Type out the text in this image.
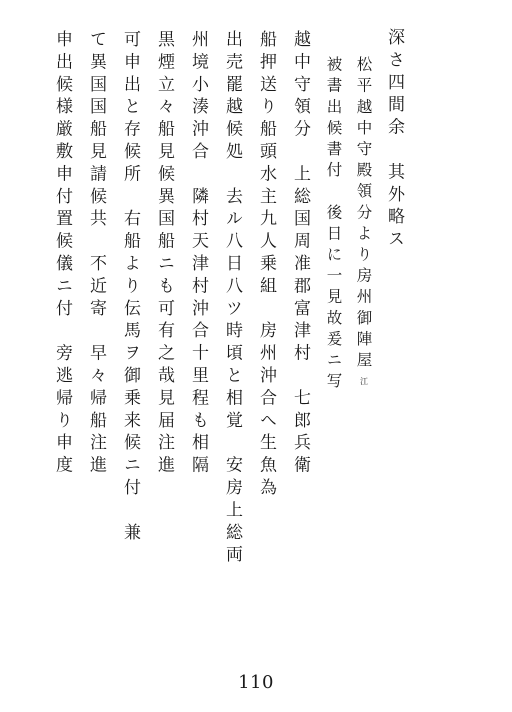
深さ四間余　其外略ス
松平越中守殿領分より房州御陣屋江
被書出候書付　後日に一見故爰ニ写
越中守領分　上総国周准郡富津村　七郎兵衛
船押送り船頭水主九人乗組　房州沖合へ生魚為
出売罷越候処　去ル八日八ツ時頃と相覚　安房上総両
州境小湊沖合　隣村天津村沖合十里程も相隔
黒煙立々船見候異国船ニも可有之哉見届注進
可申出と存候所　右船より伝馬ヲ御乗来候ニ付　兼
て異国国船見請候共　不近寄　早々帰船注進
申出候様厳敷申付置候儀ニ付　旁逃帰り申度
110
